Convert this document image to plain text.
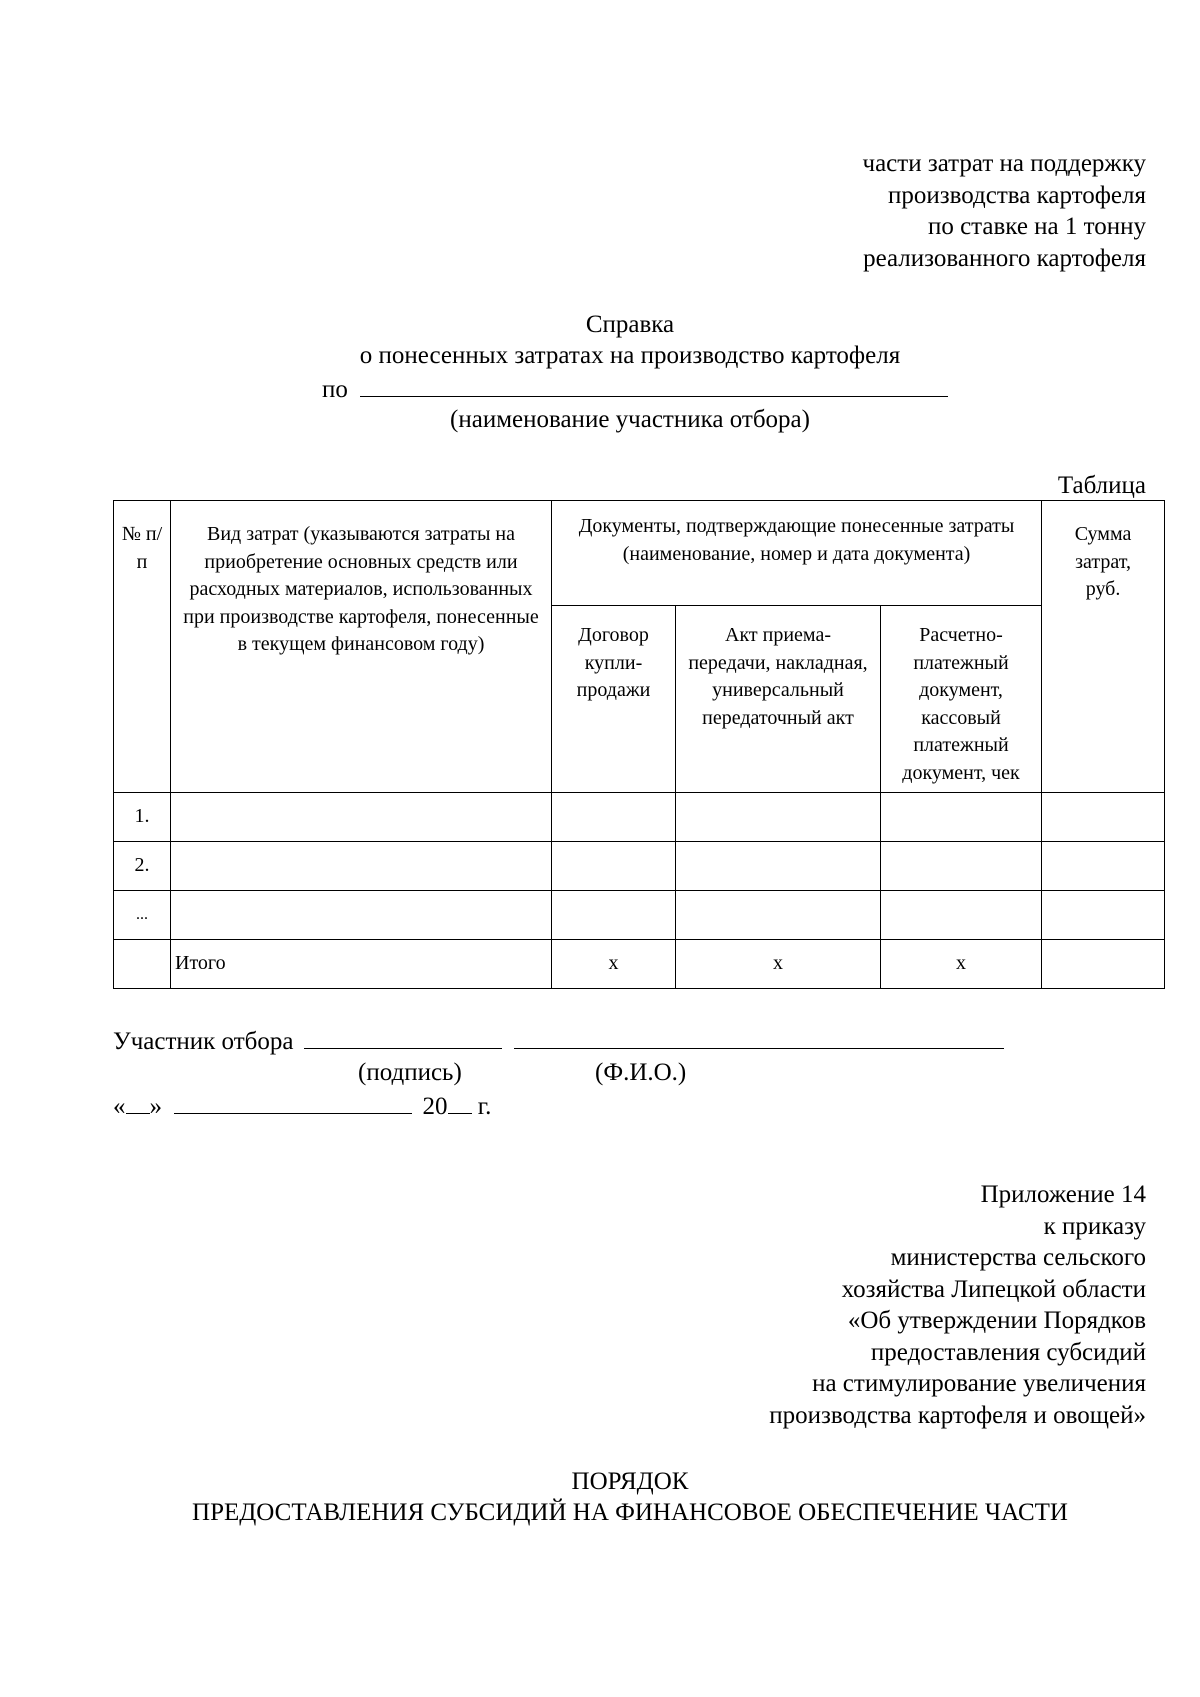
части затрат на поддержку
производства картофеля
по ставке на 1 тонну
реализованного картофеля
Справка
о понесенных затратах на производство картофеля
по
(наименование участника отбора)
Таблица
№ п/п	Вид затрат (указываются затраты на приобретение основных средств или расходных материалов, использованных при производстве картофеля, понесенные в текущем финансовом году)	Документы, подтверждающие понесенные затраты (наименование, номер и дата документа)			Сумма затрат, руб.
		Договор купли-продажи	Акт приема-передачи, накладная, универсальный передаточный акт	Расчетно-платежный документ, кассовый платежный документ, чек	
1.					
2.					
...					
	Итого	x	x	x	
Участник отбора
(подпись)	(Ф.И.О.)
« »	20 г.
Приложение 14
к приказу
министерства сельского
хозяйства Липецкой области
«Об утверждении Порядков
предоставления субсидий
на стимулирование увеличения
производства картофеля и овощей»
ПОРЯДОК
ПРЕДОСТАВЛЕНИЯ СУБСИДИЙ НА ФИНАНСОВОЕ ОБЕСПЕЧЕНИЕ ЧАСТИ
